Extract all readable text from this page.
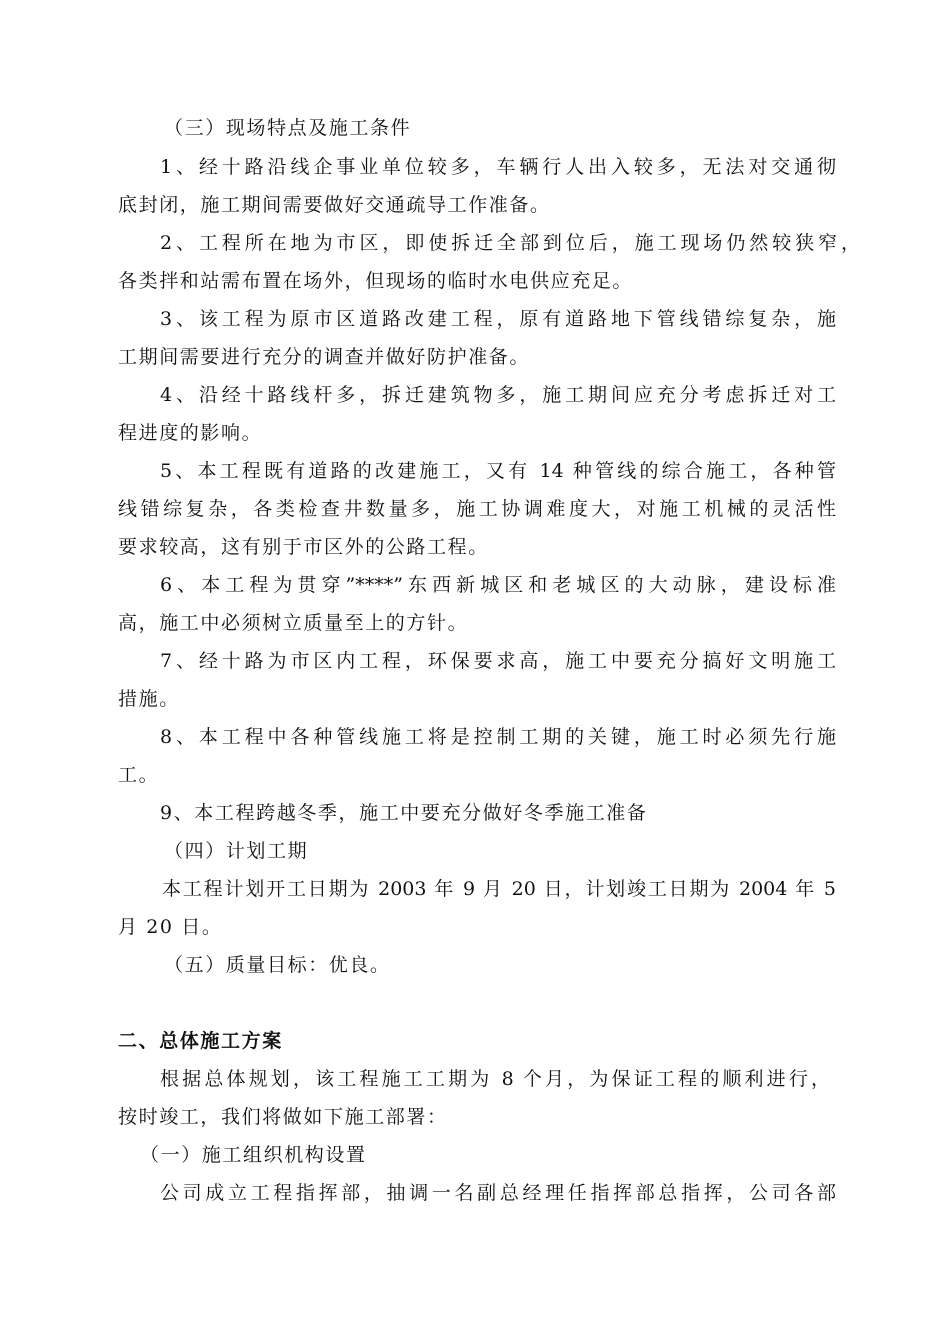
（三）现场特点及施工条件
1、经十路沿线企事业单位较多，车辆行人出入较多，无法对交通彻
底封闭，施工期间需要做好交通疏导工作准备。
2、工程所在地为市区，即使拆迁全部到位后，施工现场仍然较狭窄，
各类拌和站需布置在场外，但现场的临时水电供应充足。
3、该工程为原市区道路改建工程，原有道路地下管线错综复杂，施
工期间需要进行充分的调查并做好防护准备。
4、沿经十路线杆多，拆迁建筑物多，施工期间应充分考虑拆迁对工
程进度的影响。
5、本工程既有道路的改建施工，又有 14 种管线的综合施工，各种管
线错综复杂，各类检查井数量多，施工协调难度大，对施工机械的灵活性
要求较高，这有别于市区外的公路工程。
6、本工程为贯穿”****”东西新城区和老城区的大动脉，建设标准
高，施工中必须树立质量至上的方针。
7、经十路为市区内工程，环保要求高，施工中要充分搞好文明施工
措施。
8、本工程中各种管线施工将是控制工期的关键，施工时必须先行施
工。
9、本工程跨越冬季，施工中要充分做好冬季施工准备
（四）计划工期
本工程计划开工日期为 2003 年 9 月 20 日，计划竣工日期为 2004 年 5
月 20 日。
（五）质量目标：优良。
二、总体施工方案
根据总体规划，该工程施工工期为 8 个月，为保证工程的顺利进行，
按时竣工，我们将做如下施工部署：
（一）施工组织机构设置
公司成立工程指挥部，抽调一名副总经理任指挥部总指挥，公司各部
